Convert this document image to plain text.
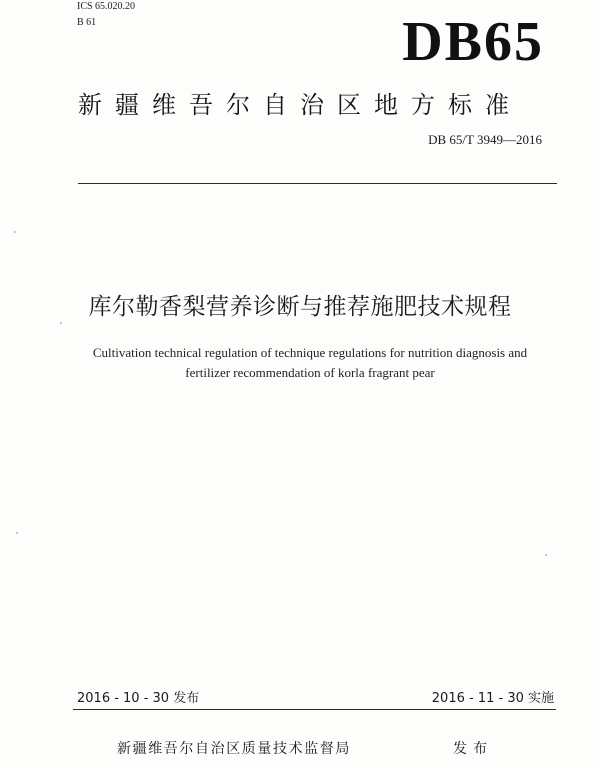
ICS 65.020.20
B 61	DB65
新疆维吾尔自治区地方标准
DB 65/T 3949—2016
库尔勒香梨营养诊断与推荐施肥技术规程
Cultivation technical regulation of technique regulations for nutrition diagnosis and
fertilizer recommendation of korla fragrant pear
2016 - 10 - 30 发布	2016 - 11 - 30 实施
新疆维吾尔自治区质量技术监督局	发布
